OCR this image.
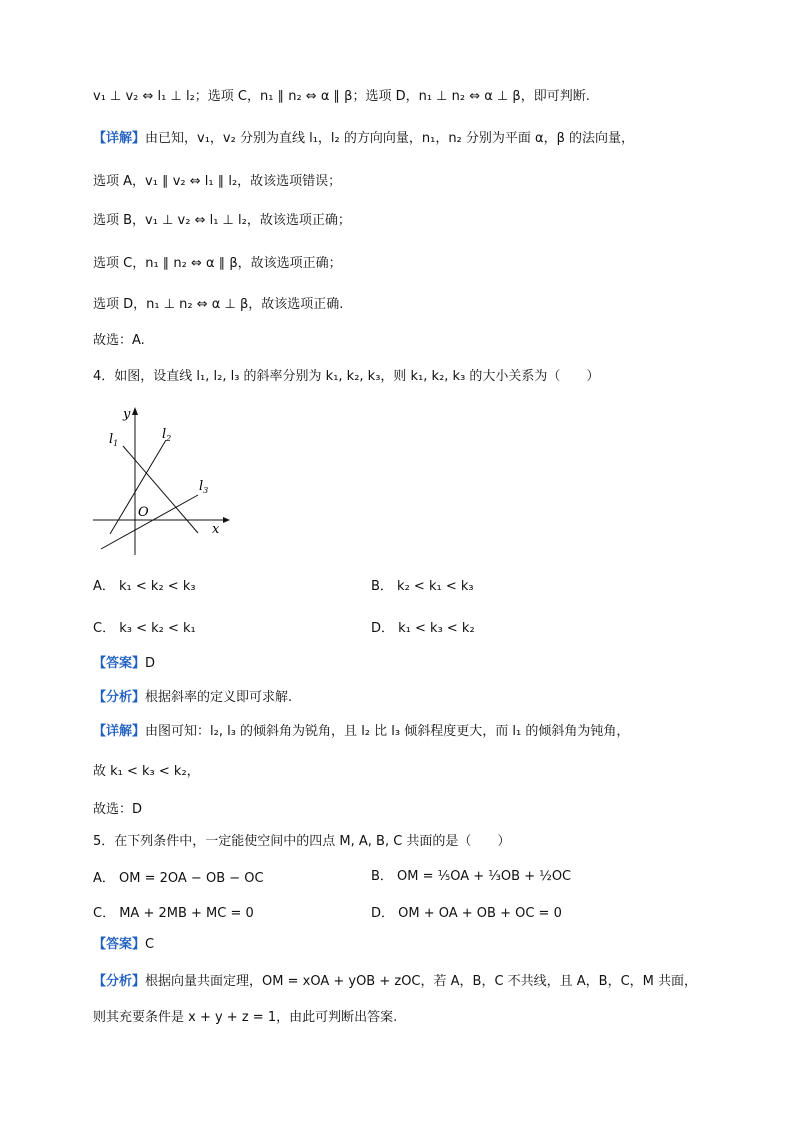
v₁ ⊥ v₂ ⇔ l₁ ⊥ l₂；选项 C，n₁ ∥ n₂ ⇔ α ∥ β；选项 D，n₁ ⊥ n₂ ⇔ α ⊥ β，即可判断.
【详解】由已知，v₁，v₂ 分别为直线 l₁，l₂ 的方向向量，n₁，n₂ 分别为平面 α，β 的法向量，
选项 A，v₁ ∥ v₂ ⇔ l₁ ∥ l₂，故该选项错误；
选项 B，v₁ ⊥ v₂ ⇔ l₁ ⊥ l₂，故该选项正确；
选项 C，n₁ ∥ n₂ ⇔ α ∥ β，故该选项正确；
选项 D，n₁ ⊥ n₂ ⇔ α ⊥ β，故该选项正确.
故选：A.
4．如图，设直线 l₁, l₂, l₃ 的斜率分别为 k₁, k₂, k₃，则 k₁, k₂, k₃ 的大小关系为（　　）
y
x
O
$l_1$
$l_2$
$l_3$
A． k₁ < k₂ < k₃	B． k₂ < k₁ < k₃
C． k₃ < k₂ < k₁	D． k₁ < k₃ < k₂
【答案】D
【分析】根据斜率的定义即可求解.
【详解】由图可知：l₂, l₃ 的倾斜角为锐角，且 l₂ 比 l₃ 倾斜程度更大，而 l₁ 的倾斜角为钝角，
故 k₁ < k₃ < k₂，
故选：D
5．在下列条件中，一定能使空间中的四点 M, A, B, C 共面的是（　　）
A． OM = 2OA − OB − OC	B． OM = ⅕OA + ⅓OB + ½OC
C． MA + 2MB + MC = 0	D． OM + OA + OB + OC = 0
【答案】C
【分析】根据向量共面定理，OM = xOA + yOB + zOC，若 A，B，C 不共线，且 A，B，C，M 共面，
则其充要条件是 x + y + z = 1，由此可判断出答案.
